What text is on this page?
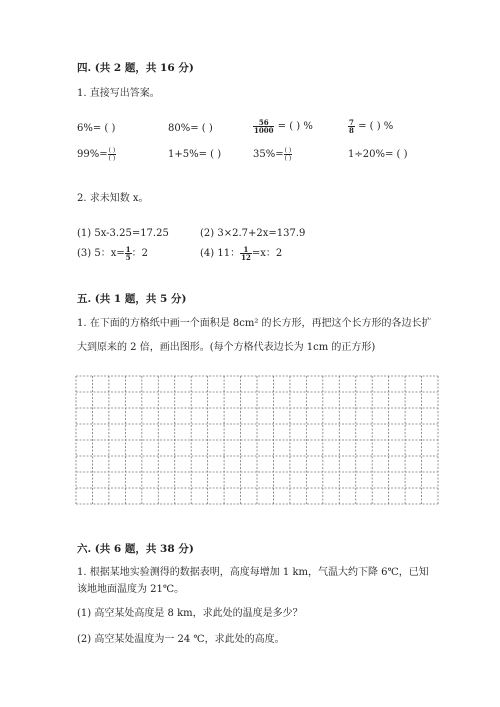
四. (共 2 题，共 16 分)
1. 直接写出答案。
6%= ( )	80%= ( )	$\frac{56}{1000}$ = ( ) %	$\frac{7}{8}$ = ( ) %
$99\%= \frac{( )}{( )}$	1+5%= ( )	$35\%= \frac{( )}{( )}$	1÷20%= ( )
2. 求未知数 x。
(1) 5x-3.25=17.25	(2) 3×2.7+2x=137.9
(3) 5：$x= \frac{1}{5}$ ：2	(4) 11： $\frac{1}{12} =x$：2
五. (共 1 题，共 5 分)
1. 在下面的方格纸中画一个面积是 8cm² 的长方形，再把这个长方形的各边长扩
大到原来的 2 倍，画出图形。(每个方格代表边长为 1cm 的正方形)
六. (共 6 题，共 38 分)
1. 根据某地实验测得的数据表明，高度每增加 1 km，气温大约下降 6℃，已知
该地地面温度为 21℃。
(1) 高空某处高度是 8 km，求此处的温度是多少？
(2) 高空某处温度为一 24 ℃，求此处的高度。
